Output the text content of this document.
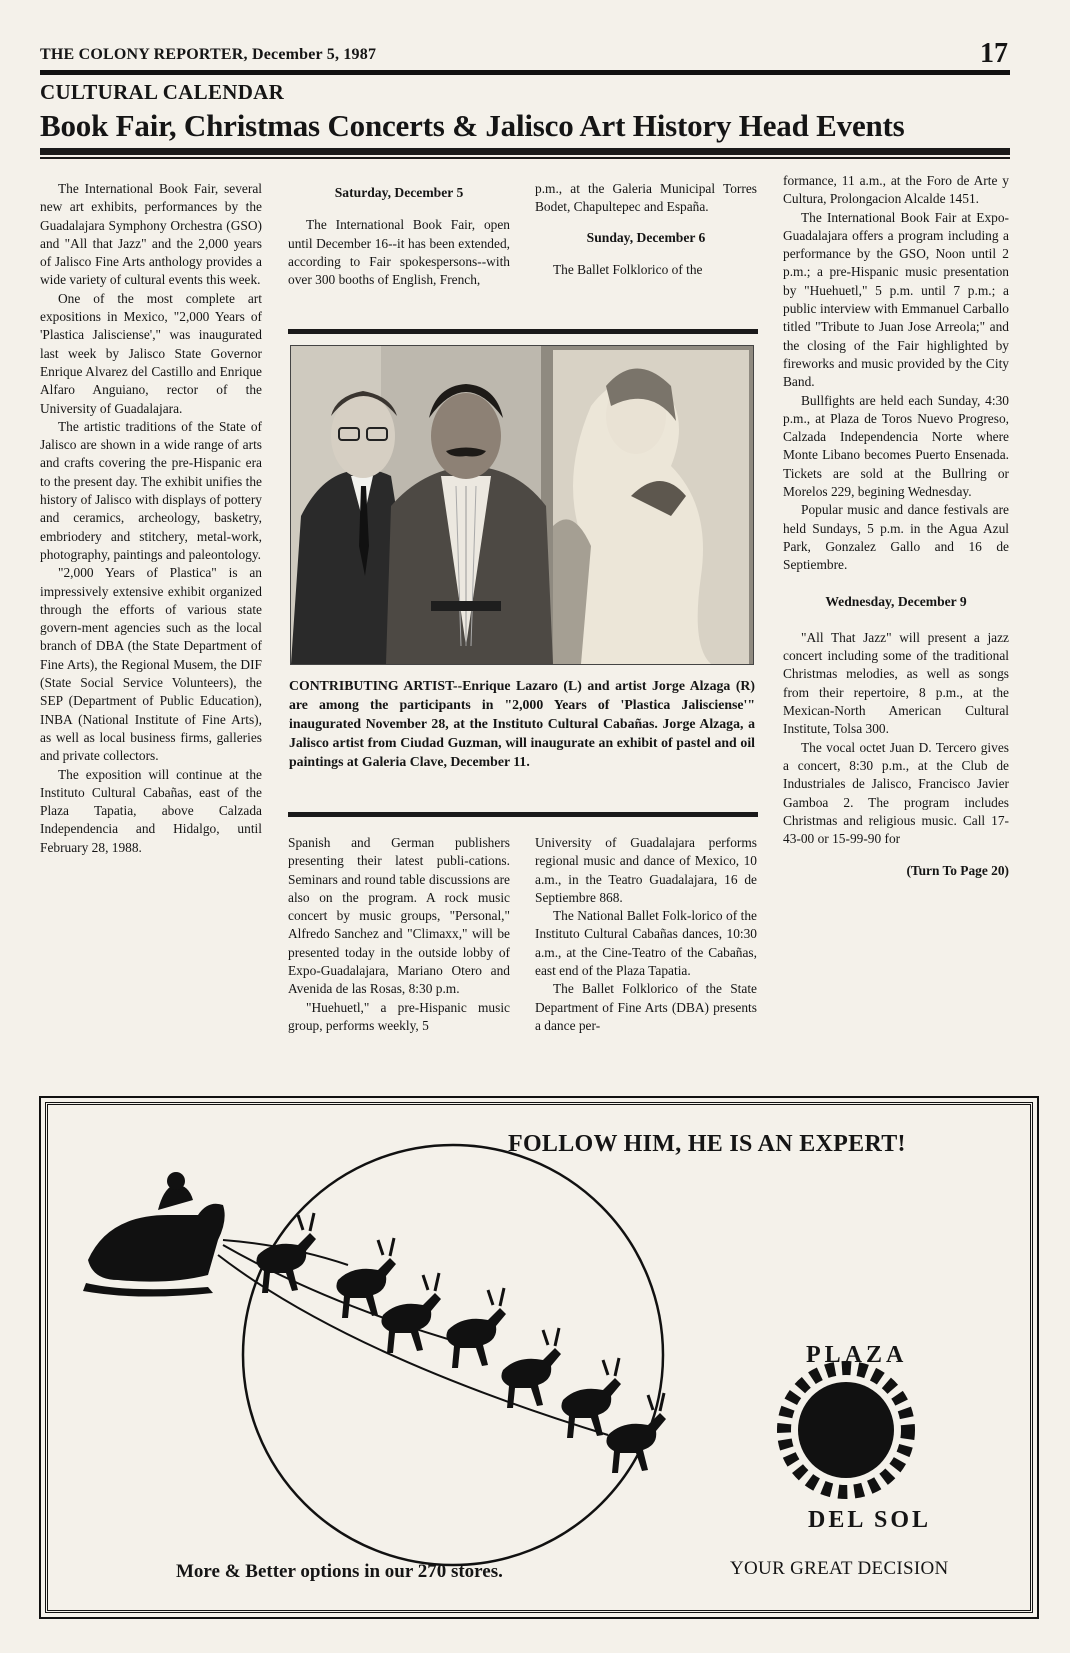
THE COLONY REPORTER, December 5, 1987	17
CULTURAL CALENDAR
Book Fair, Christmas Concerts & Jalisco Art History Head Events

The International Book Fair, several new art exhibits, performances by the Guadalajara Symphony Orchestra (GSO) and "All that Jazz" and the 2,000 years of Jalisco Fine Arts anthology provides a wide variety of cultural events this week.

One of the most complete art expositions in Mexico, "2,000 Years of 'Plastica Jalisciense'," was inaugurated last week by Jalisco State Governor Enrique Alvarez del Castillo and Enrique Alfaro Anguiano, rector of the University of Guadalajara.

The artistic traditions of the State of Jalisco are shown in a wide range of arts and crafts covering the pre-Hispanic era to the present day. The exhibit unifies the history of Jalisco with displays of pottery and ceramics, archeology, basketry, embriodery and stitchery, metal-work, photography, paintings and paleontology.

"2,000 Years of Plastica" is an impressively extensive exhibit organized through the efforts of various state govern-ment agencies such as the local branch of DBA (the State Department of Fine Arts), the Regional Musem, the DIF (State Social Service Volunteers), the SEP (Department of Public Education), INBA (National Institute of Fine Arts), as well as local business firms, galleries and private collectors.

The exposition will continue at the Instituto Cultural Cabañas, east of the Plaza Tapatia, above Calzada Independencia and Hidalgo, until February 28, 1988.

Saturday, December 5

The International Book Fair, open until December 16--it has been extended, according to Fair spokespersons--with over 300 booths of English, French,

p.m., at the Galeria Municipal Torres Bodet, Chapultepec and España.

Sunday, December 6

The Ballet Folklorico of the

CONTRIBUTING ARTIST--Enrique Lazaro (L) and artist Jorge Alzaga (R) are among the participants in "2,000 Years of 'Plastica Jalisciense'" inaugurated November 28, at the Instituto Cultural Cabañas. Jorge Alzaga, a Jalisco artist from Ciudad Guzman, will inaugurate an exhibit of pastel and oil paintings at Galeria Clave, December 11.

Spanish and German publishers presenting their latest publi-cations. Seminars and round table discussions are also on the program. A rock music concert by music groups, "Personal," Alfredo Sanchez and "Climaxx," will be presented today in the outside lobby of Expo-Guadalajara, Mariano Otero and Avenida de las Rosas, 8:30 p.m.

"Huehuetl," a pre-Hispanic music group, performs weekly, 5

University of Guadalajara performs regional music and dance of Mexico, 10 a.m., in the Teatro Guadalajara, 16 de Septiembre 868.

The National Ballet Folk-lorico of the Instituto Cultural Cabañas dances, 10:30 a.m., at the Cine-Teatro of the Cabañas, east end of the Plaza Tapatia.

The Ballet Folklorico of the State Department of Fine Arts (DBA) presents a dance per-

formance, 11 a.m., at the Foro de Arte y Cultura, Prolongacion Alcalde 1451.

The International Book Fair at Expo-Guadalajara offers a program including a performance by the GSO, Noon until 2 p.m.; a pre-Hispanic music presentation by "Huehuetl," 5 p.m. until 7 p.m.; a public interview with Emmanuel Carballo titled "Tribute to Juan Jose Arreola;" and the closing of the Fair highlighted by fireworks and music provided by the City Band.

Bullfights are held each Sunday, 4:30 p.m., at Plaza de Toros Nuevo Progreso, Calzada Independencia Norte where Monte Libano becomes Puerto Ensenada. Tickets are sold at the Bullring or Morelos 229, begining Wednesday.

Popular music and dance festivals are held Sundays, 5 p.m. in the Agua Azul Park, Gonzalez Gallo and 16 de Septiembre.

Wednesday, December 9

"All That Jazz" will present a jazz concert including some of the traditional Christmas melodies, as well as songs from their repertoire, 8 p.m., at the Mexican-North American Cultural Institute, Tolsa 300.

The vocal octet Juan D. Tercero gives a concert, 8:30 p.m., at the Club de Industriales de Jalisco, Francisco Javier Gamboa 2. The program includes Christmas and religious music. Call 17-43-00 or 15-99-90 for

(Turn To Page 20)

FOLLOW HIM, HE IS AN EXPERT!
PLAZA
DEL SOL
More & Better options in our 270 stores.	YOUR GREAT DECISION
